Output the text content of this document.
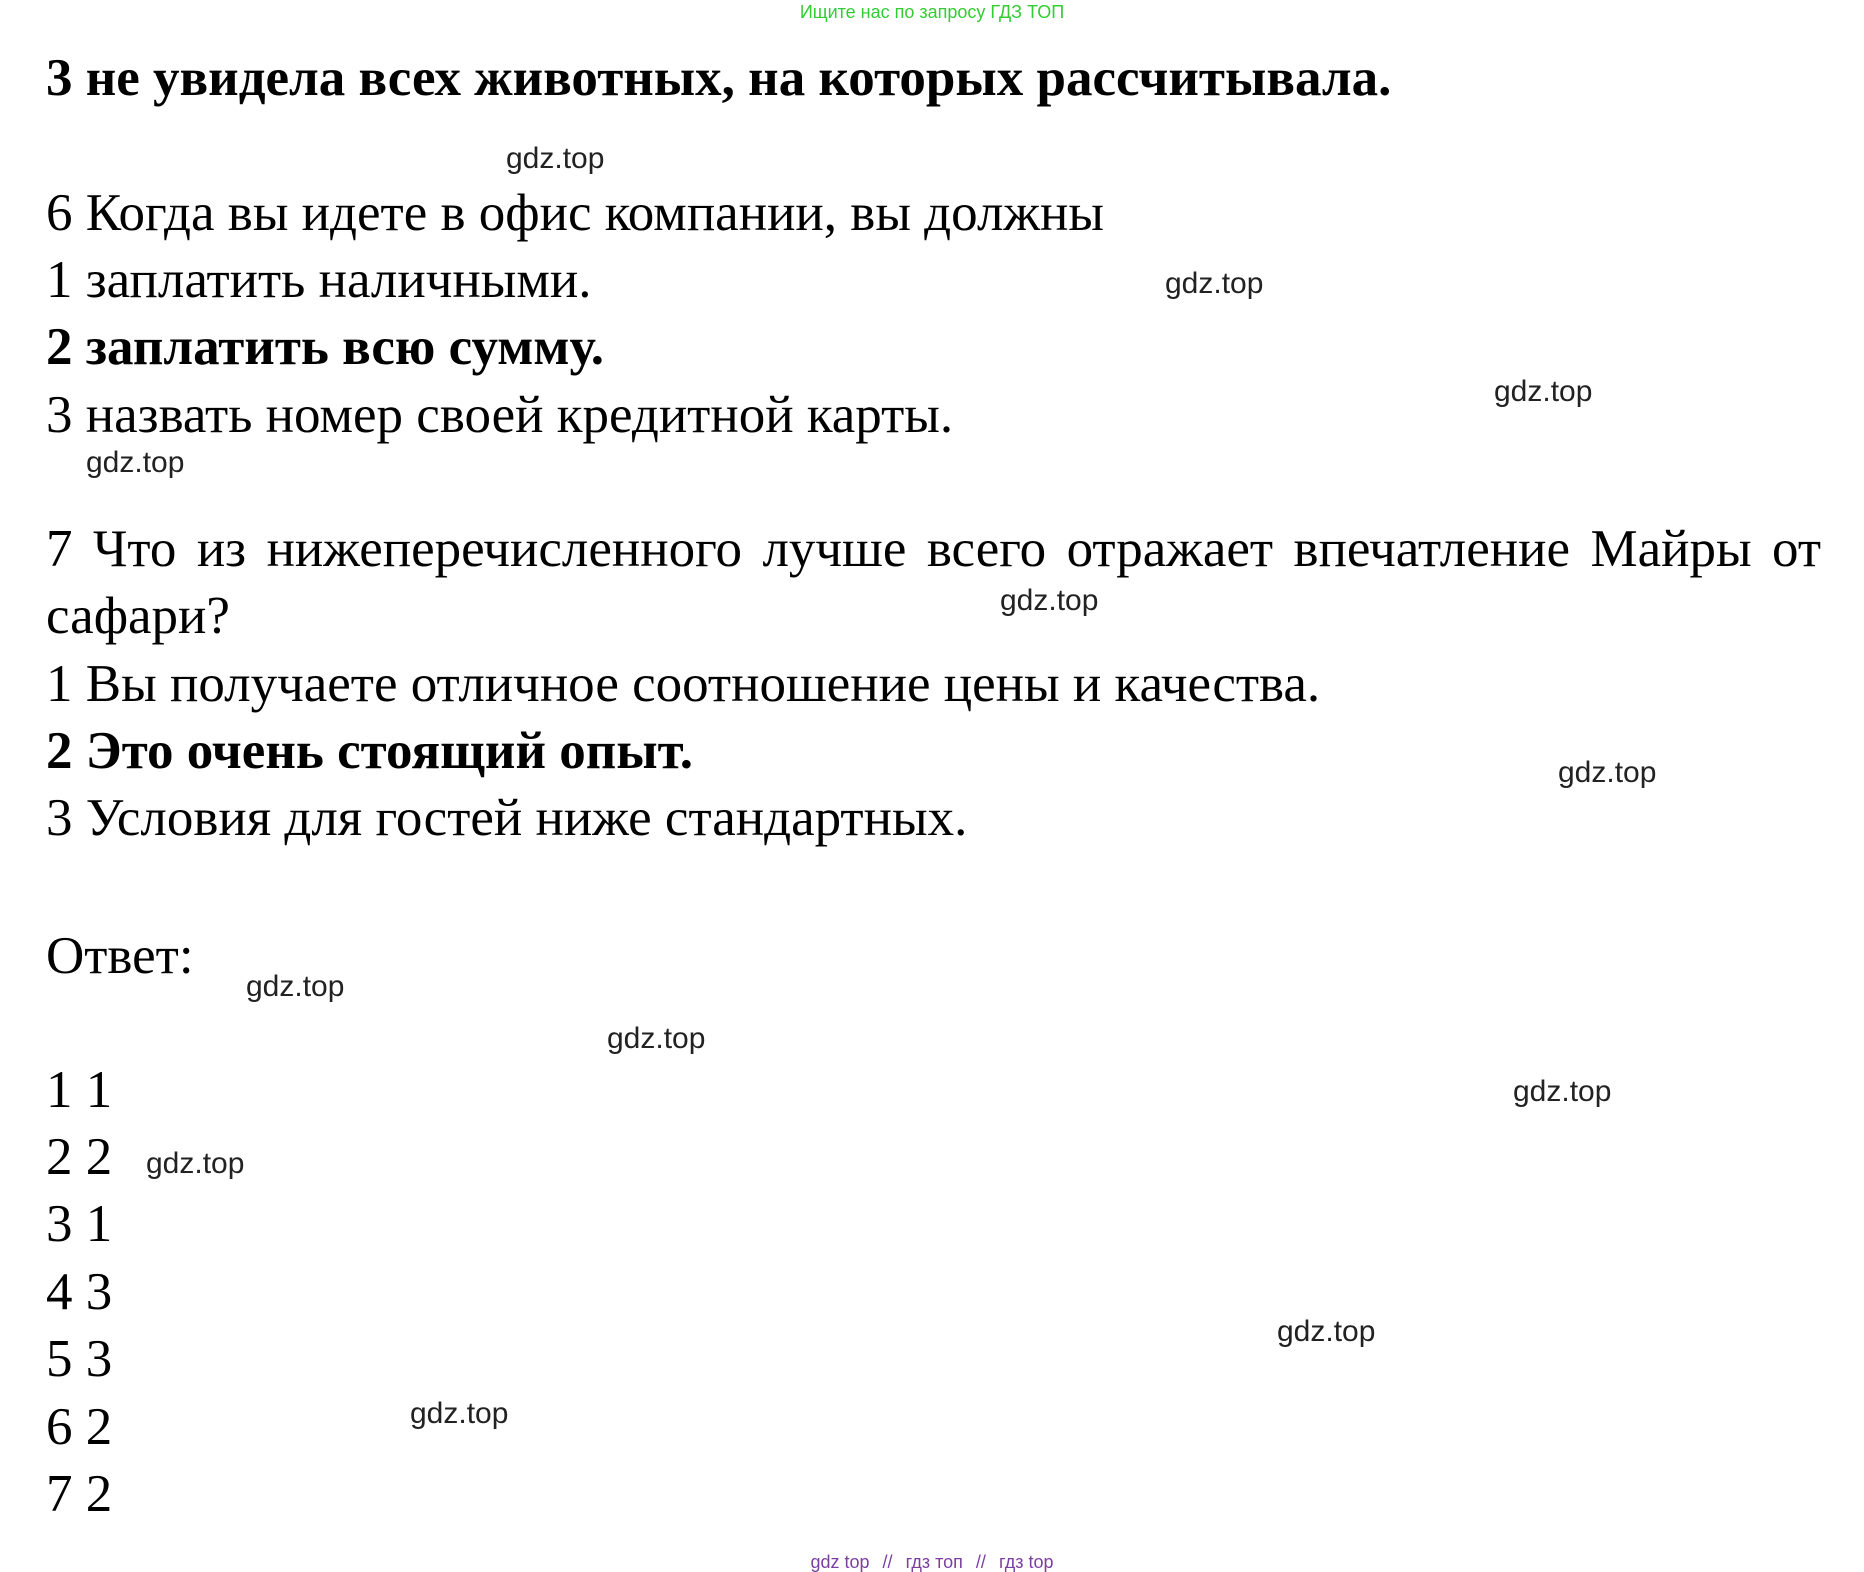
Ищите нас по запросу ГДЗ ТОП
3 не увидела всех животных, на которых рассчитывала.
6 Когда вы идете в офис компании, вы должны
1 заплатить наличными.
2 заплатить всю сумму.
3 назвать номер своей кредитной карты.
7 Что из нижеперечисленного лучше всего отражает впечатление Майры от сафари?
1 Вы получаете отличное соотношение цены и качества.
2 Это очень стоящий опыт.
3 Условия для гостей ниже стандартных.
Ответ:
1 1
2 2
3 1
4 3
5 3
6 2
7 2
gdz.top
gdz.top
gdz.top
gdz.top
gdz.top
gdz.top
gdz.top
gdz.top
gdz.top
gdz.top
gdz.top
gdz.top
gdz top // гдз топ // гдз top
